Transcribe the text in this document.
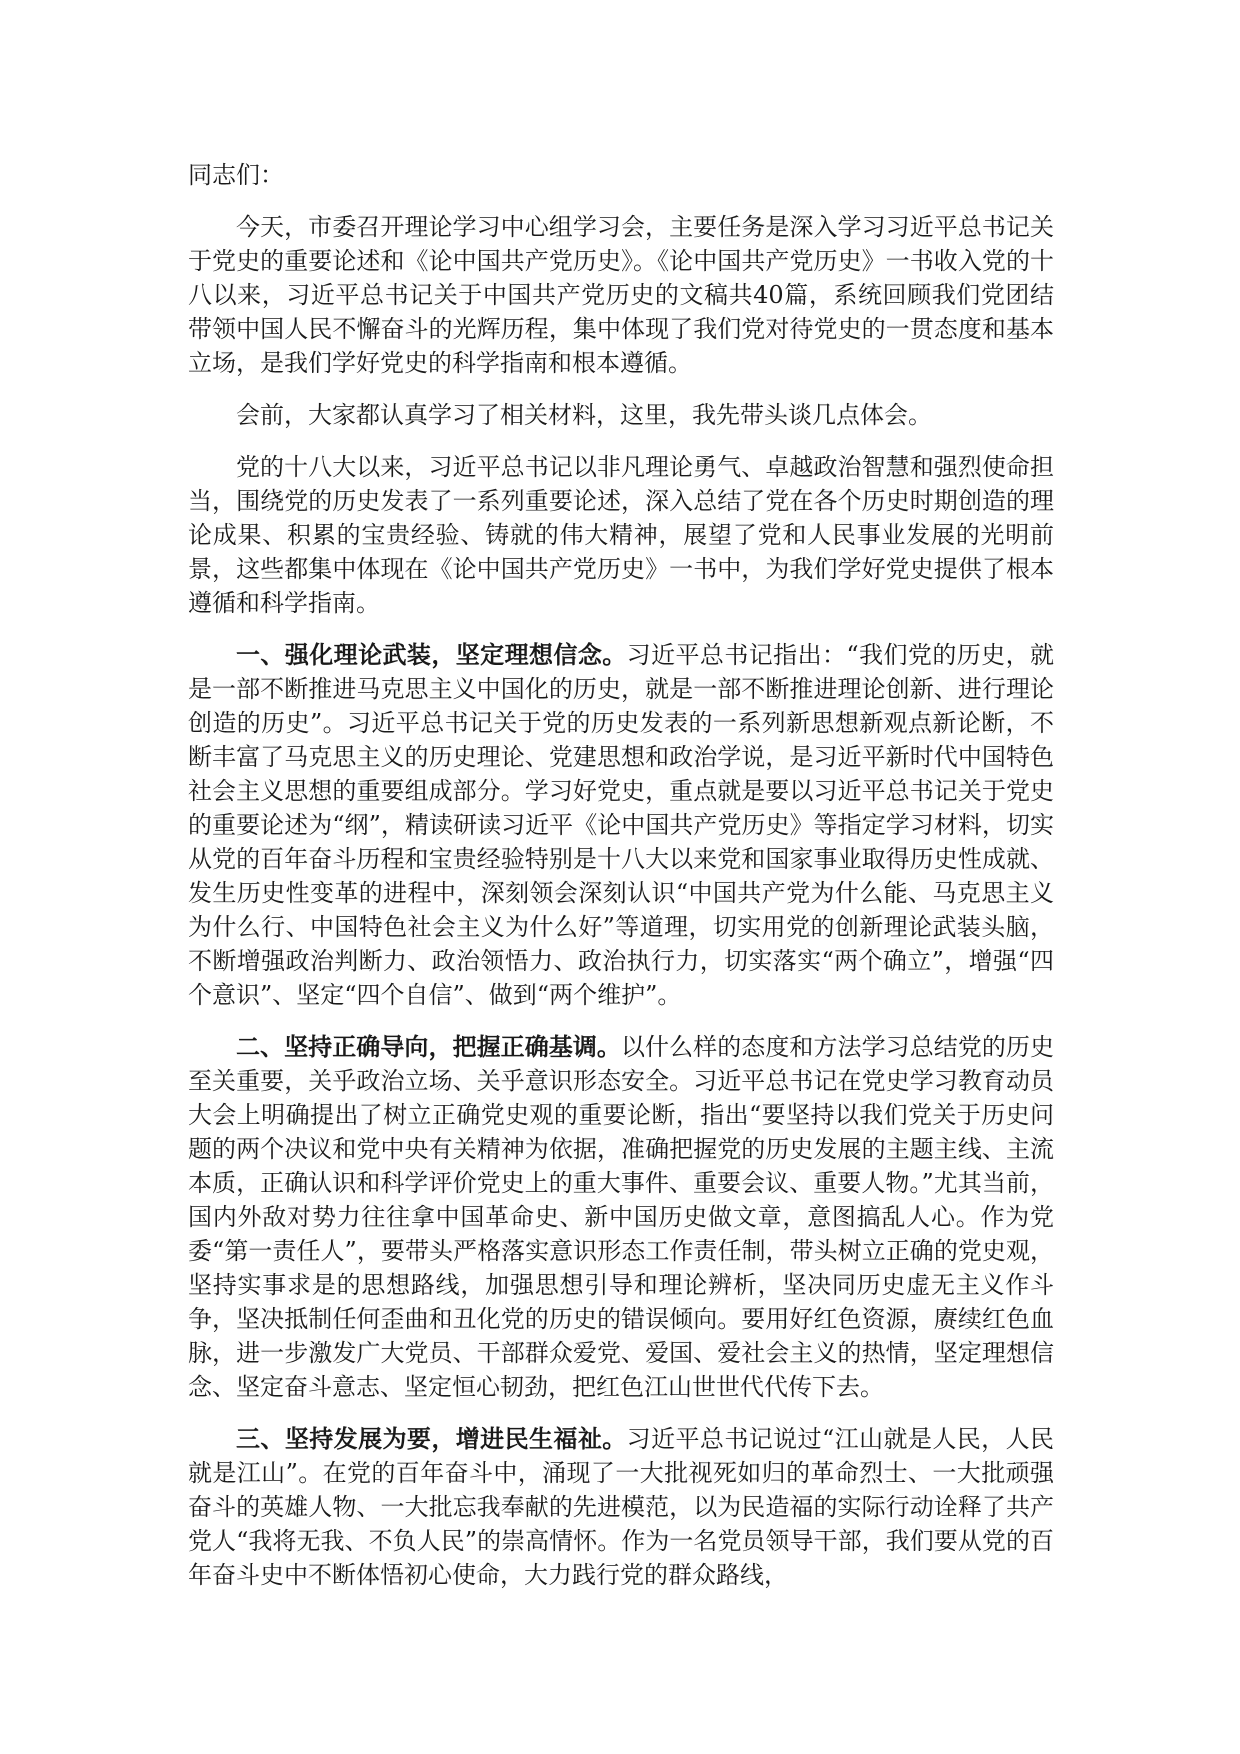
同志们：

今天，市委召开理论学习中心组学习会，主要任务是深入学习习近平总书记关于党史的重要论述和《论中国共产党历史》。《论中国共产党历史》一书收入党的十八以来，习近平总书记关于中国共产党历史的文稿共40篇，系统回顾我们党团结带领中国人民不懈奋斗的光辉历程，集中体现了我们党对待党史的一贯态度和基本立场，是我们学好党史的科学指南和根本遵循。

会前，大家都认真学习了相关材料，这里，我先带头谈几点体会。

党的十八大以来，习近平总书记以非凡理论勇气、卓越政治智慧和强烈使命担当，围绕党的历史发表了一系列重要论述，深入总结了党在各个历史时期创造的理论成果、积累的宝贵经验、铸就的伟大精神，展望了党和人民事业发展的光明前景，这些都集中体现在《论中国共产党历史》一书中，为我们学好党史提供了根本遵循和科学指南。

一、强化理论武装，坚定理想信念。习近平总书记指出：“我们党的历史，就是一部不断推进马克思主义中国化的历史，就是一部不断推进理论创新、进行理论创造的历史”。习近平总书记关于党的历史发表的一系列新思想新观点新论断，不断丰富了马克思主义的历史理论、党建思想和政治学说，是习近平新时代中国特色社会主义思想的重要组成部分。学习好党史，重点就是要以习近平总书记关于党史的重要论述为“纲”，精读研读习近平《论中国共产党历史》等指定学习材料，切实从党的百年奋斗历程和宝贵经验特别是十八大以来党和国家事业取得历史性成就、发生历史性变革的进程中，深刻领会深刻认识“中国共产党为什么能、马克思主义为什么行、中国特色社会主义为什么好”等道理，切实用党的创新理论武装头脑，不断增强政治判断力、政治领悟力、政治执行力，切实落实“两个确立”，增强“四个意识”、坚定“四个自信”、做到“两个维护”。

二、坚持正确导向，把握正确基调。以什么样的态度和方法学习总结党的历史至关重要，关乎政治立场、关乎意识形态安全。习近平总书记在党史学习教育动员大会上明确提出了树立正确党史观的重要论断，指出“要坚持以我们党关于历史问题的两个决议和党中央有关精神为依据，准确把握党的历史发展的主题主线、主流本质，正确认识和科学评价党史上的重大事件、重要会议、重要人物。”尤其当前，国内外敌对势力往往拿中国革命史、新中国历史做文章，意图搞乱人心。作为党委“第一责任人”，要带头严格落实意识形态工作责任制，带头树立正确的党史观，坚持实事求是的思想路线，加强思想引导和理论辨析，坚决同历史虚无主义作斗争，坚决抵制任何歪曲和丑化党的历史的错误倾向。要用好红色资源，赓续红色血脉，进一步激发广大党员、干部群众爱党、爱国、爱社会主义的热情，坚定理想信念、坚定奋斗意志、坚定恒心韧劲，把红色江山世世代代传下去。

三、坚持发展为要，增进民生福祉。习近平总书记说过“江山就是人民，人民就是江山”。在党的百年奋斗中，涌现了一大批视死如归的革命烈士、一大批顽强奋斗的英雄人物、一大批忘我奉献的先进模范，以为民造福的实际行动诠释了共产党人“我将无我、不负人民”的崇高情怀。作为一名党员领导干部，我们要从党的百年奋斗史中不断体悟初心使命，大力践行党的群众路线，
